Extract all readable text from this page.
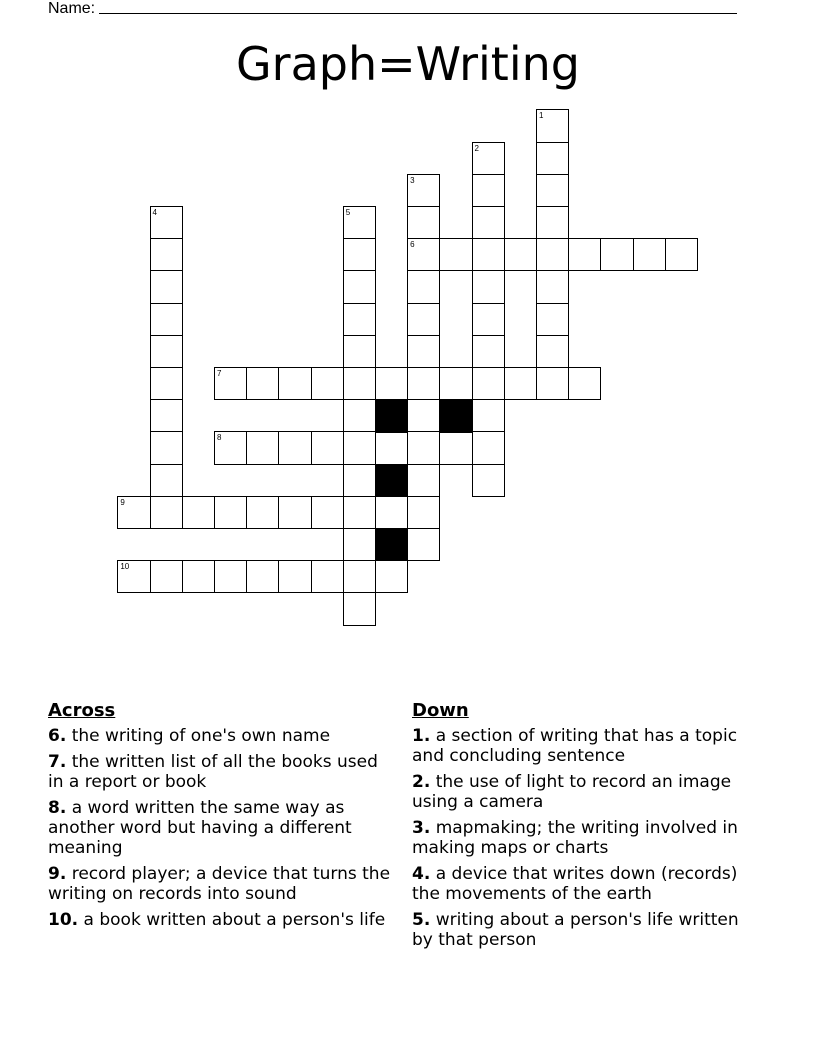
Name:
Graph=Writing
1
2
3
4	5
6
7
8
9
10
Across
6. the writing of one's own name
7. the written list of all the books used in a report or book
8. a word written the same way as another word but having a different meaning
9. record player; a device that turns the writing on records into sound
10. a book written about a person's life
Down
1. a section of writing that has a topic and concluding sentence
2. the use of light to record an image using a camera
3. mapmaking; the writing involved in making maps or charts
4. a device that writes down (records) the movements of the earth
5. writing about a person's life written by that person
